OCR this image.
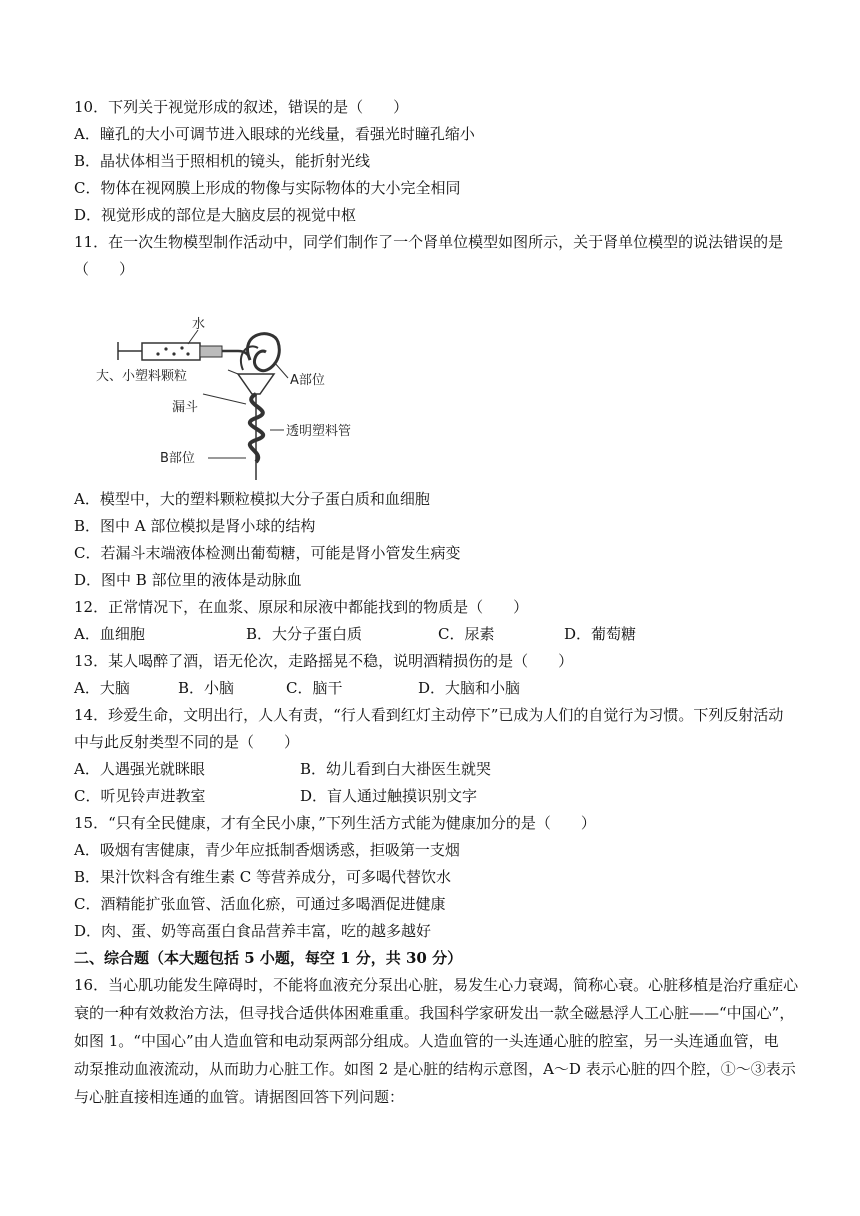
10．下列关于视觉形成的叙述，错误的是（　　）
A．瞳孔的大小可调节进入眼球的光线量，看强光时瞳孔缩小
B．晶状体相当于照相机的镜头，能折射光线
C．物体在视网膜上形成的物像与实际物体的大小完全相同
D．视觉形成的部位是大脑皮层的视觉中枢
11．在一次生物模型制作活动中，同学们制作了一个肾单位模型如图所示，关于肾单位模型的说法错误的是
（　　）
水
大、小塑料颗粒	A部位
漏斗
透明塑料管
B部位
A．模型中，大的塑料颗粒模拟大分子蛋白质和血细胞
B．图中 A 部位模拟是肾小球的结构
C．若漏斗末端液体检测出葡萄糖，可能是肾小管发生病变
D．图中 B 部位里的液体是动脉血
12．正常情况下，在血浆、原尿和尿液中都能找到的物质是（　　）
A．血细胞	B．大分子蛋白质	C．尿素	D．葡萄糖
13．某人喝醉了酒，语无伦次，走路摇晃不稳，说明酒精损伤的是（　　）
A．大脑	B．小脑	C．脑干	D．大脑和小脑
14．珍爱生命，文明出行，人人有责，“行人看到红灯主动停下”已成为人们的自觉行为习惯。下列反射活动
中与此反射类型不同的是（　　）
A．人遇强光就眯眼	B．幼儿看到白大褂医生就哭
C．听见铃声进教室	D．盲人通过触摸识别文字
15．“只有全民健康，才有全民小康，”下列生活方式能为健康加分的是（　　）
A．吸烟有害健康，青少年应抵制香烟诱惑，拒吸第一支烟
B．果汁饮料含有维生素 C 等营养成分，可多喝代替饮水
C．酒精能扩张血管、活血化瘀，可通过多喝酒促进健康
D．肉、蛋、奶等高蛋白食品营养丰富，吃的越多越好
二、综合题（本大题包括 5 小题，每空 1 分，共 30 分）
16．当心肌功能发生障碍时，不能将血液充分泵出心脏，易发生心力衰竭，简称心衰。心脏移植是治疗重症心
衰的一种有效救治方法，但寻找合适供体困难重重。我国科学家研发出一款全磁悬浮人工心脏——“中国心”，
如图 1。“中国心”由人造血管和电动泵两部分组成。人造血管的一头连通心脏的腔室，另一头连通血管，电
动泵推动血液流动，从而助力心脏工作。如图 2 是心脏的结构示意图，A～D 表示心脏的四个腔，①～③表示
与心脏直接相连通的血管。请据图回答下列问题：
